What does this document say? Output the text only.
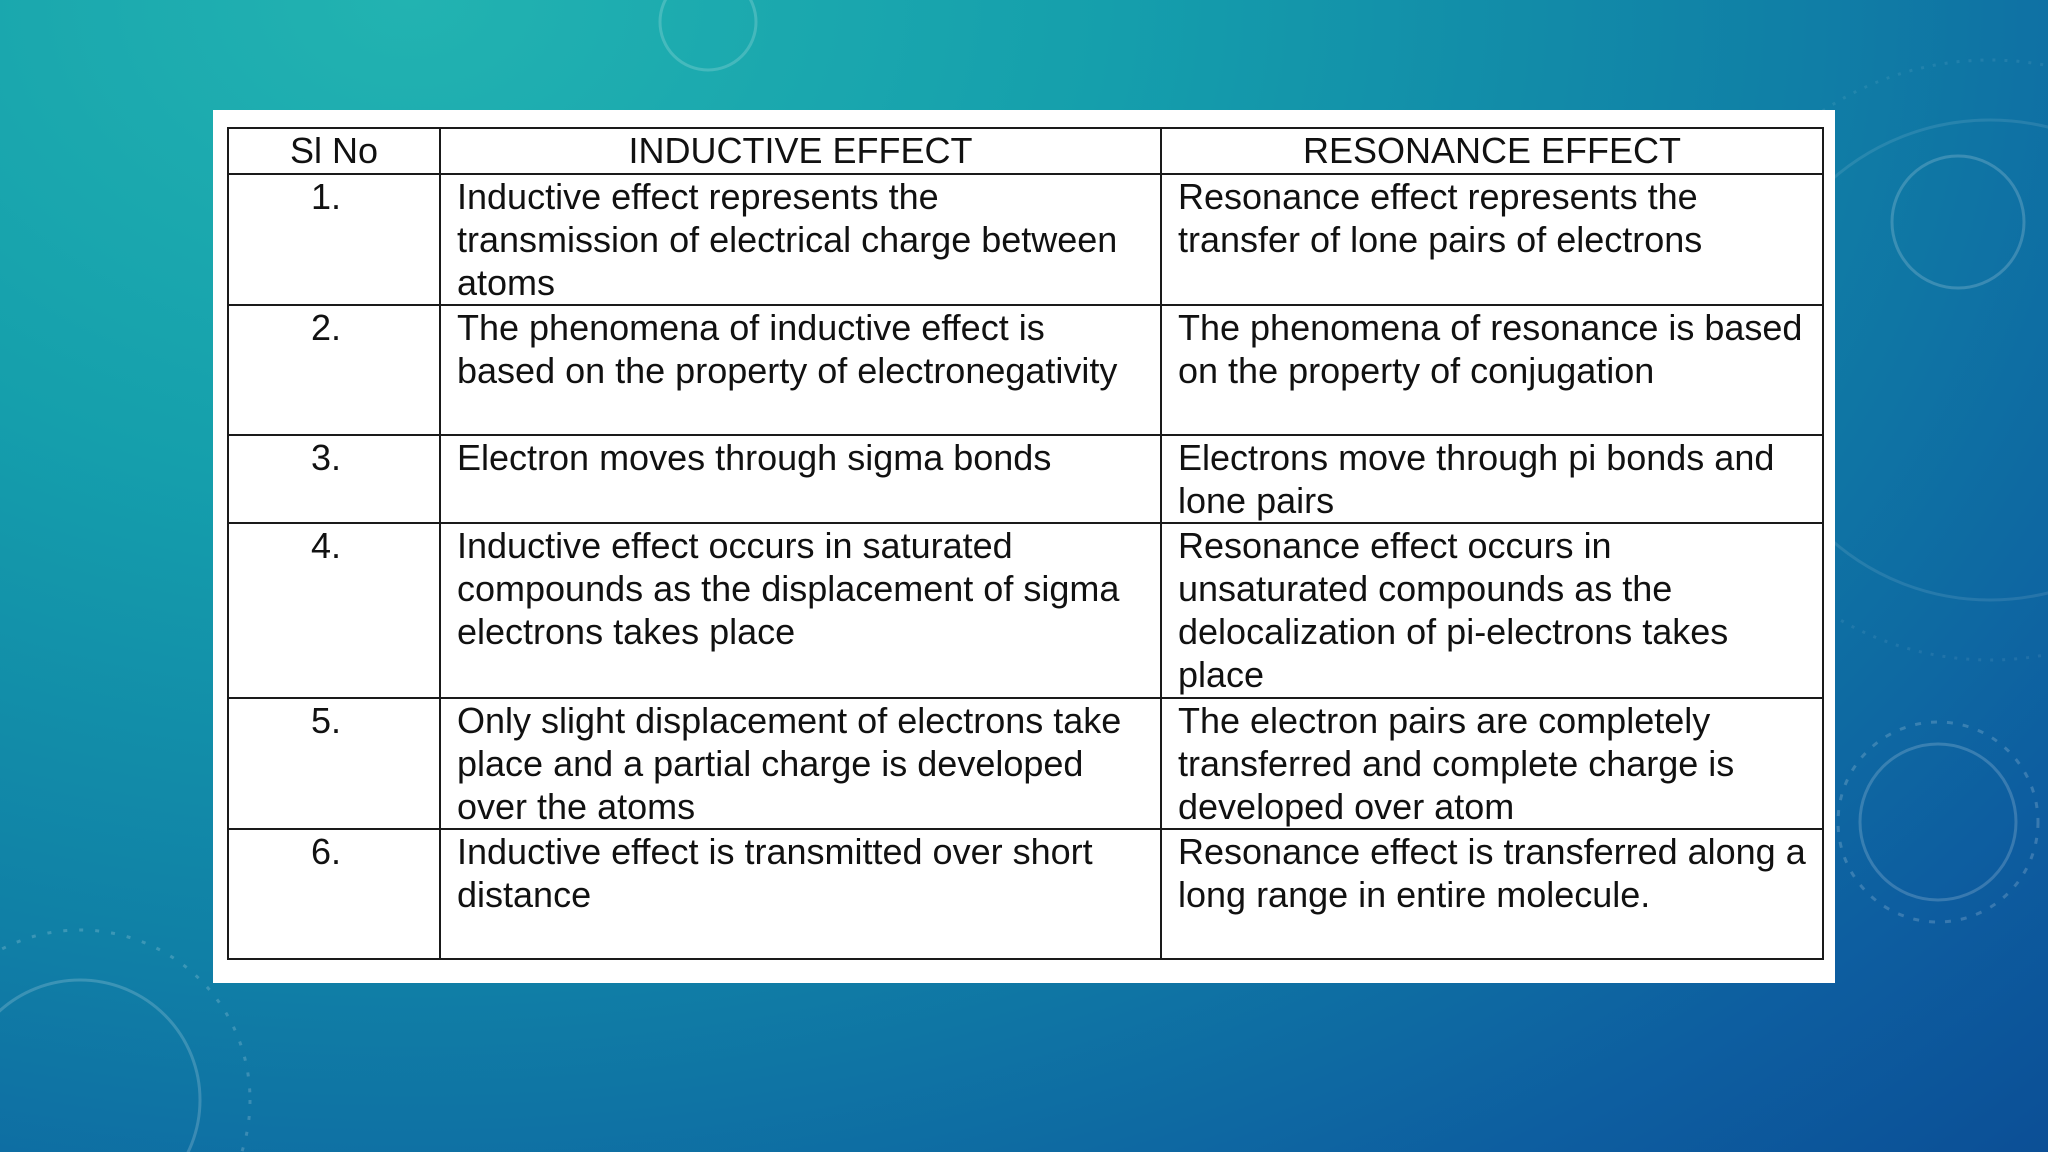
Sl No	INDUCTIVE EFFECT	RESONANCE EFFECT
1.	Inductive effect represents the transmission of electrical charge between atoms	Resonance effect represents the transfer of lone pairs of electrons
2.	The phenomena of inductive effect is based on the property of electronegativity	The phenomena of resonance is based on the property of conjugation
3.	Electron moves through sigma bonds	Electrons move through pi bonds and lone pairs
4.	Inductive effect occurs in saturated compounds as the displacement of sigma electrons takes place	Resonance effect occurs in unsaturated compounds as the delocalization of pi-electrons takes place
5.	Only slight displacement of electrons take place and a partial charge is developed over the atoms	The electron pairs are completely transferred and complete charge is developed over atom
6.	Inductive effect is transmitted over short distance	Resonance effect is transferred along a long range in entire molecule.
